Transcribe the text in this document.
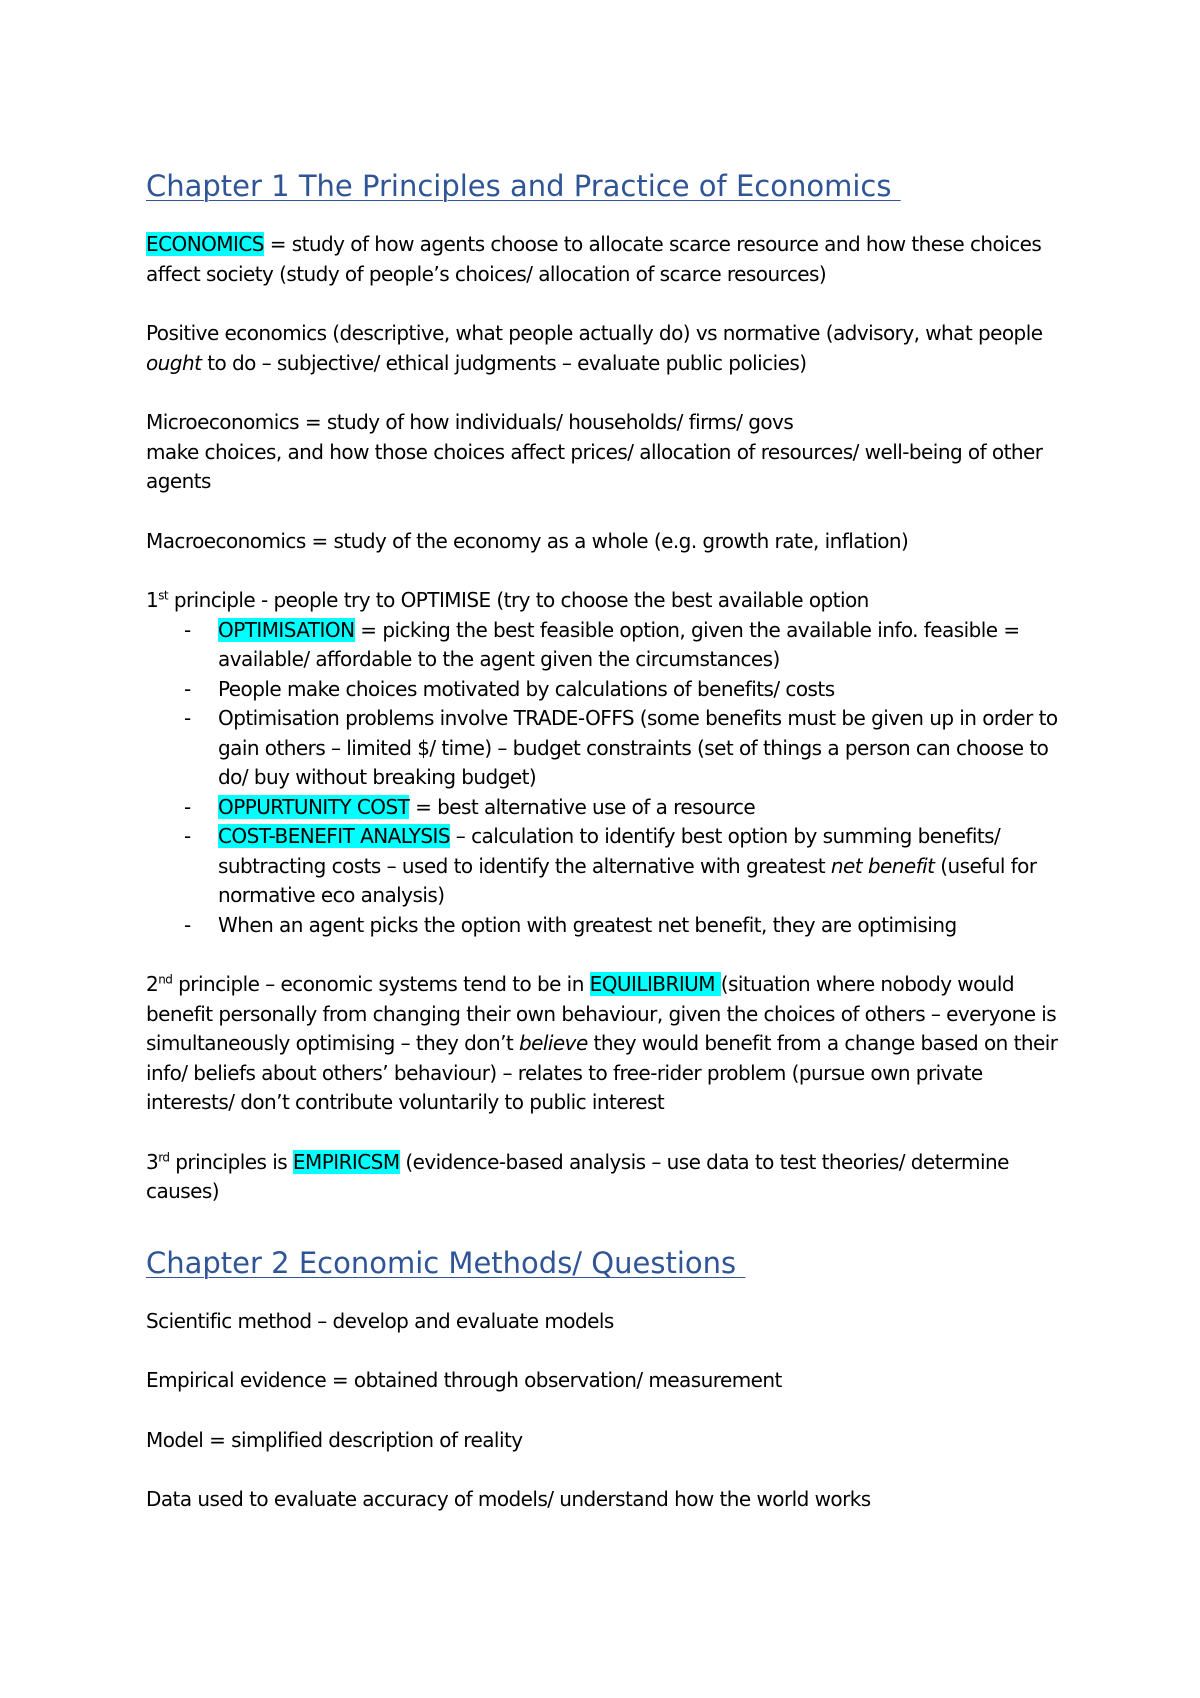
Chapter 1 The Principles and Practice of Economics

ECONOMICS = study of how agents choose to allocate scarce resource and how these choices affect society (study of people’s choices/ allocation of scarce resources)

Positive economics (descriptive, what people actually do) vs normative (advisory, what people ought to do – subjective/ ethical judgments – evaluate public policies)

Microeconomics = study of how individuals/ households/ firms/ govs

make choices, and how those choices affect prices/ allocation of resources/ well-being of other agents

Macroeconomics = study of the economy as a whole (e.g. growth rate, inflation)

1st principle - people try to OPTIMISE (try to choose the best available option

- OPTIMISATION = picking the best feasible option, given the available info. feasible = available/ affordable to the agent given the circumstances)
- People make choices motivated by calculations of benefits/ costs
- Optimisation problems involve TRADE-OFFS (some benefits must be given up in order to gain others – limited $/ time) – budget constraints (set of things a person can choose to do/ buy without breaking budget)
- OPPURTUNITY COST = best alternative use of a resource
- COST-BENEFIT ANALYSIS – calculation to identify best option by summing benefits/ subtracting costs – used to identify the alternative with greatest net benefit (useful for normative eco analysis)
- When an agent picks the option with greatest net benefit, they are optimising

2nd principle – economic systems tend to be in EQUILIBRIUM (situation where nobody would benefit personally from changing their own behaviour, given the choices of others – everyone is simultaneously optimising – they don’t believe they would benefit from a change based on their info/ beliefs about others’ behaviour) – relates to free-rider problem (pursue own private interests/ don’t contribute voluntarily to public interest

3rd principles is EMPIRICSM (evidence-based analysis – use data to test theories/ determine causes)

Chapter 2 Economic Methods/ Questions

Scientific method – develop and evaluate models

Empirical evidence = obtained through observation/ measurement

Model = simplified description of reality

Data used to evaluate accuracy of models/ understand how the world works
